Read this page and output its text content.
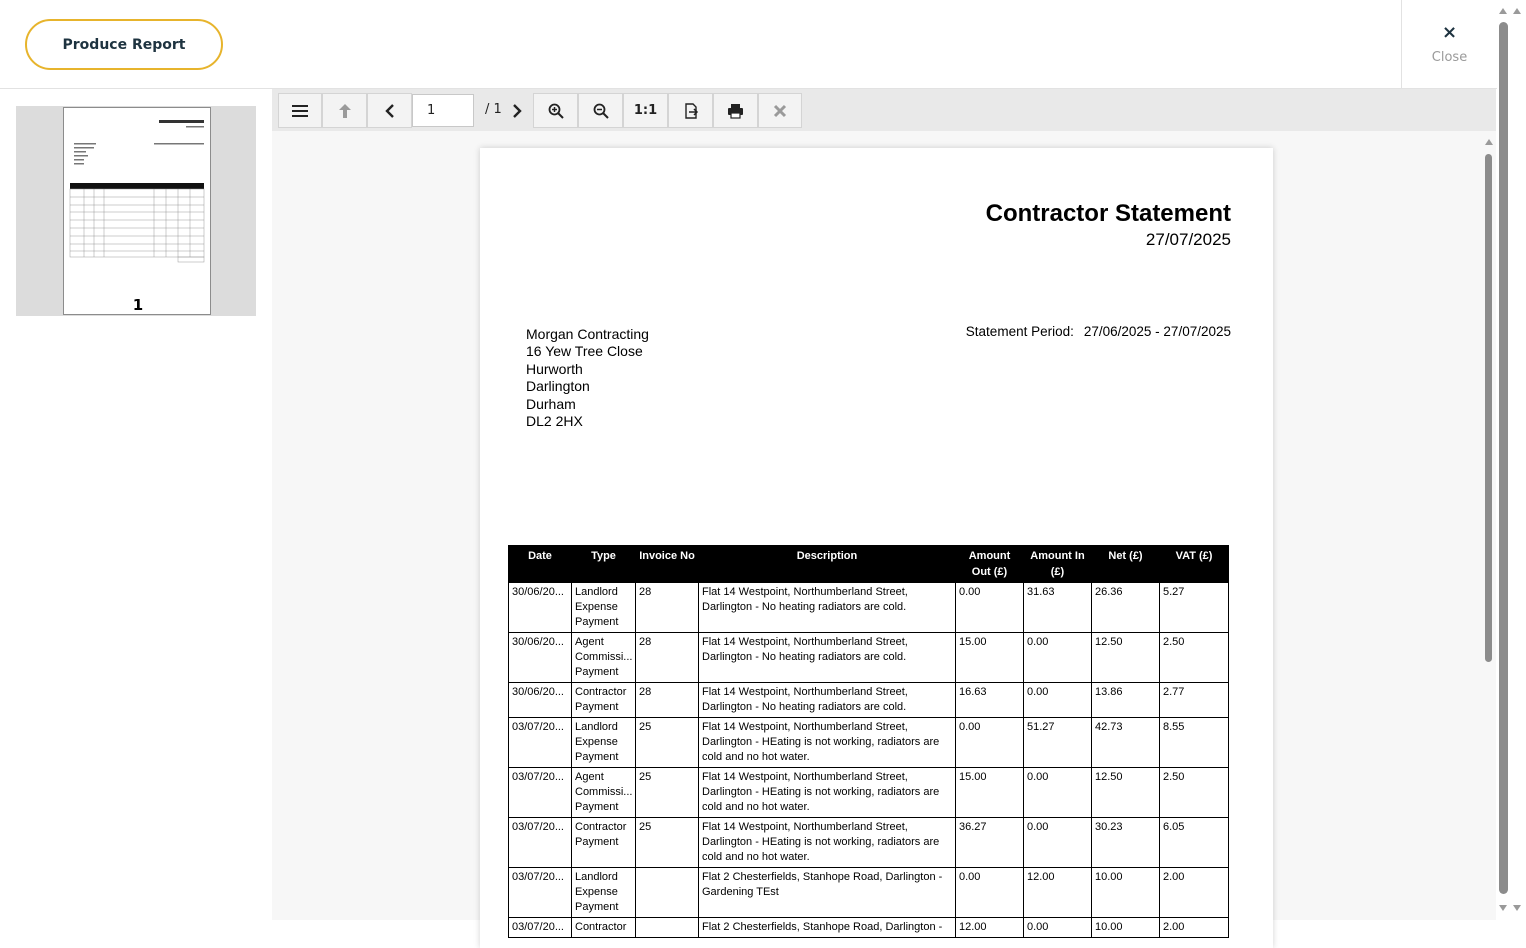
Produce Report
×
Close
1
1
/ 1	1:1
Contractor Statement
27/07/2025
Morgan Contracting
16 Yew Tree Close
Hurworth
Darlington
Durham
DL2 2HX
Statement Period: 27/06/2025 - 27/07/2025
Date	Type	Invoice No	Description	Amount Out (£)	Amount In (£)	Net (£)	VAT (£)
30/06/20...	Landlord Expense Payment	28	Flat 14 Westpoint, Northumberland Street, Darlington - No heating radiators are cold.	0.00	31.63	26.36	5.27
30/06/20...	Agent Commissi... Payment	28	Flat 14 Westpoint, Northumberland Street, Darlington - No heating radiators are cold.	15.00	0.00	12.50	2.50
30/06/20...	Contractor Payment	28	Flat 14 Westpoint, Northumberland Street, Darlington - No heating radiators are cold.	16.63	0.00	13.86	2.77
03/07/20...	Landlord Expense Payment	25	Flat 14 Westpoint, Northumberland Street, Darlington - HEating is not working, radiators are cold and no hot water.	0.00	51.27	42.73	8.55
03/07/20...	Agent Commissi... Payment	25	Flat 14 Westpoint, Northumberland Street, Darlington - HEating is not working, radiators are cold and no hot water.	15.00	0.00	12.50	2.50
03/07/20...	Contractor Payment	25	Flat 14 Westpoint, Northumberland Street, Darlington - HEating is not working, radiators are cold and no hot water.	36.27	0.00	30.23	6.05
03/07/20...	Landlord Expense Payment		Flat 2 Chesterfields, Stanhope Road, Darlington - Gardening TEst	0.00	12.00	10.00	2.00
03/07/20...	Contractor		Flat 2 Chesterfields, Stanhope Road, Darlington -	12.00	0.00	10.00	2.00
